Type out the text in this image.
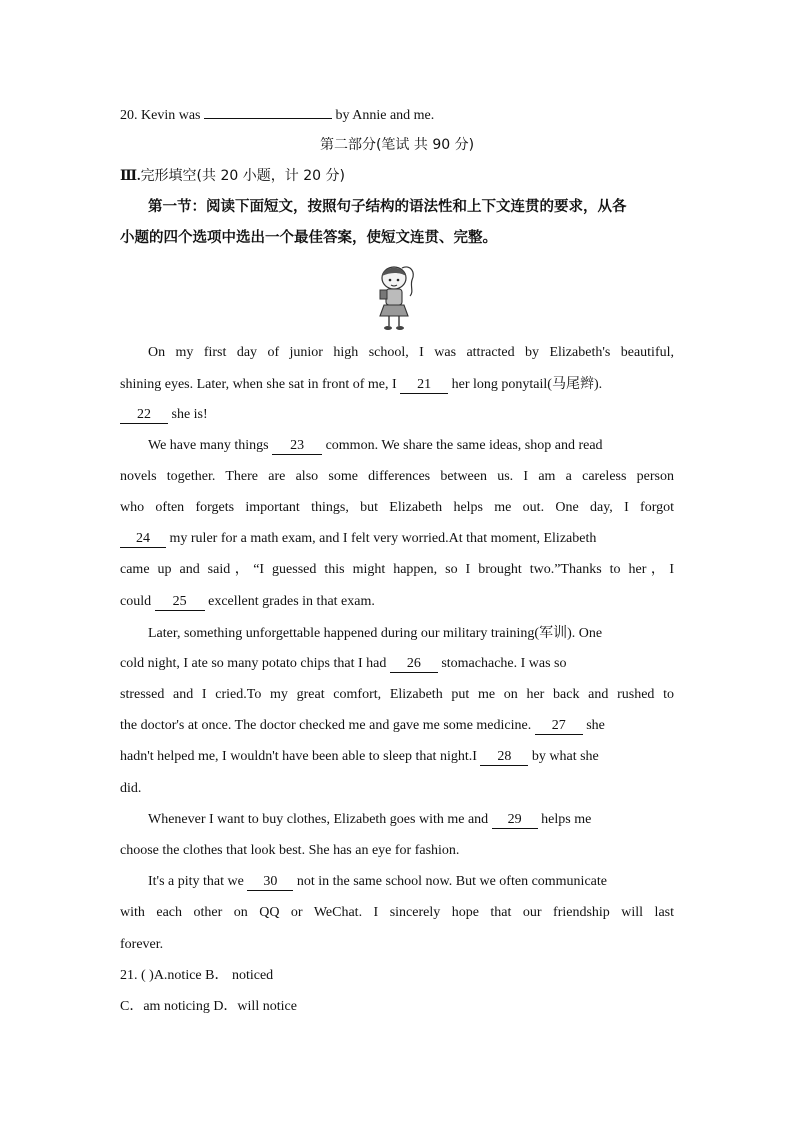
20. Kevin was	by Annie and me.
第二部分(笔试 共 90 分)
Ⅲ.完形填空(共 20 小题，计 20 分)
第一节：阅读下面短文，按照句子结构的语法性和上下文连贯的要求，从各
小题的四个选项中选出一个最佳答案，使短文连贯、完整。
On my first day of junior high school, I was attracted by Elizabeth's beautiful,
shining eyes. Later, when she sat in front of me, I 21 her long ponytail(马尾辫).
22 she is!
We have many things 23 common. We share the same ideas, shop and read
novels together. There are also some differences between us. I am a careless person
who often forgets important things, but Elizabeth helps me out. One day, I forgot
24 my ruler for a math exam, and I felt very worried.At that moment, Elizabeth
came up and said，“I guessed this might happen, so I brought two.”Thanks to her，I
could 25 excellent grades in that exam.
Later, something unforgettable happened during our military training(军训). One
cold night, I ate so many potato chips that I had 26 stomachache. I was so
stressed and I cried.To my great comfort, Elizabeth put me on her back and rushed to
the doctor's at once. The doctor checked me and gave me some medicine. 27 she
hadn't helped me, I wouldn't have been able to sleep that night.I 28 by what she
did.
Whenever I want to buy clothes, Elizabeth goes with me and 29 helps me
choose the clothes that look best. She has an eye for fashion.
It's a pity that we 30 not in the same school now. But we often communicate
with each other on QQ or WeChat. I sincerely hope that our friendship will last
forever.
21. ( )A.notice B． noticed
C．am noticing D．will notice
